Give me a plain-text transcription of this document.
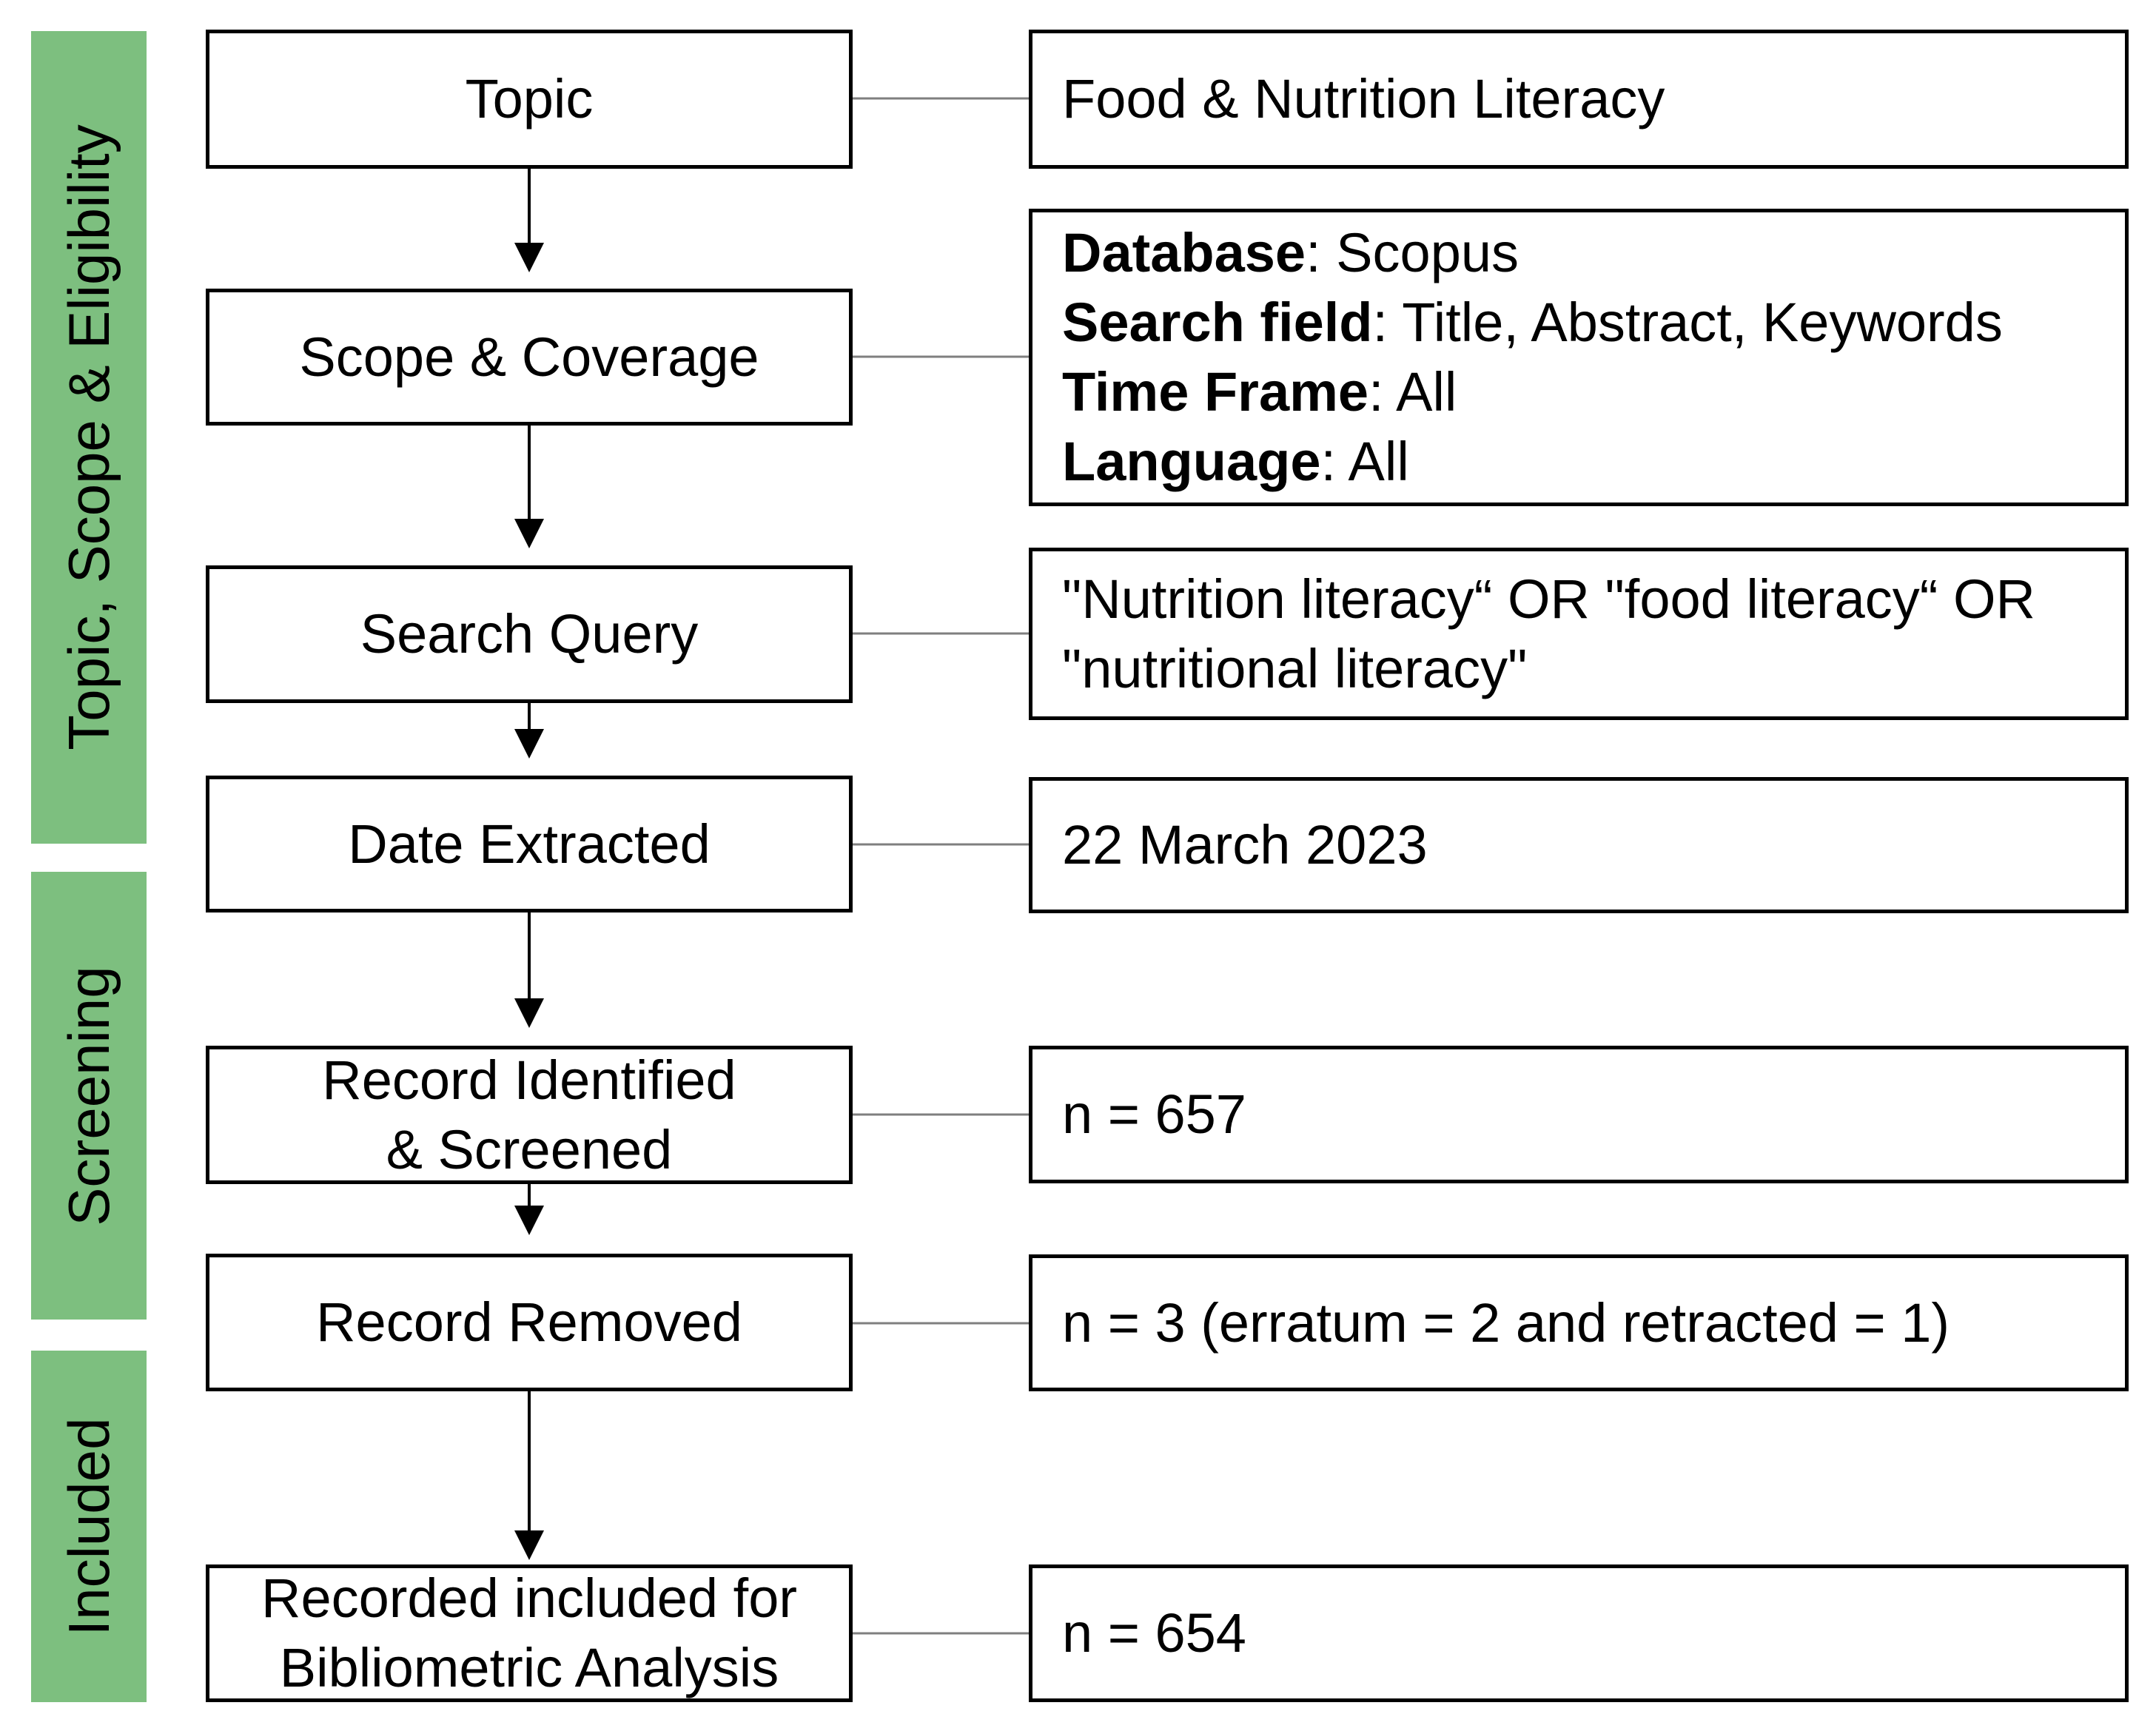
Topic, Scope & Eligibility
Screening
Included
Topic
Scope & Coverage
Search Query
Date Extracted
Record Identified & Screened
Record Removed
Recorded included for Bibliometric Analysis
Food & Nutrition Literacy
Database: Scopus
Search field: Title, Abstract, Keywords
Time Frame: All
Language: All
"Nutrition literacy“ OR "food literacy“ OR "nutritional literacy"
22 March 2023
n = 657
n = 3 (erratum = 2 and retracted = 1)
n = 654
